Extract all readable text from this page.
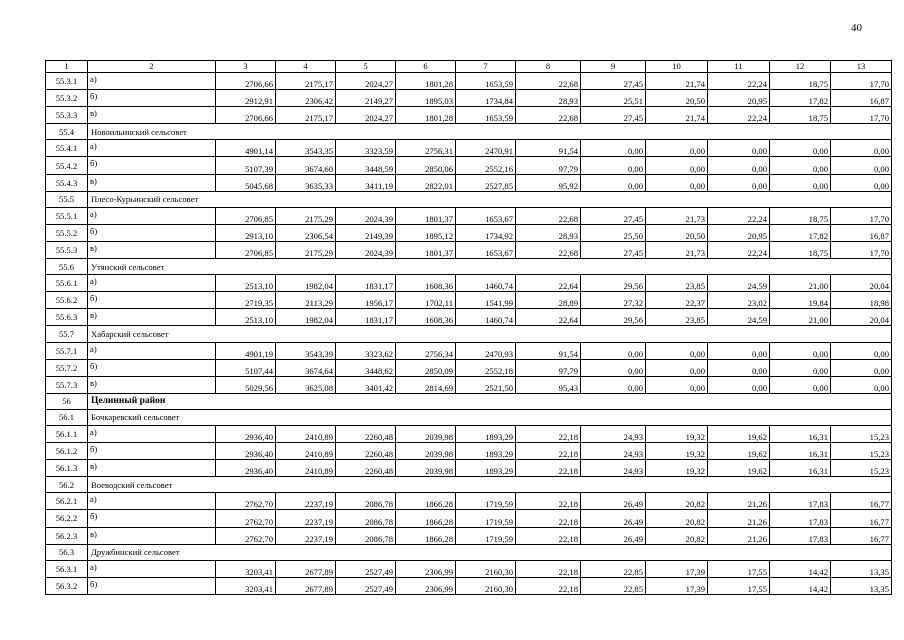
40
1	2	3	4	5	6	7	8	9	10	11	12	13
55.3.1	а)	2706,66	2175,17	2024,27	1801,28	1653,59	22,68	27,45	21,74	22,24	18,75	17,70
55.3.2	б)	2912,91	2306,42	2149,27	1895,03	1734,84	28,93	25,51	20,50	20,95	17,82	16,87
55.3.3	в)	2706,66	2175,17	2024,27	1801,28	1653,59	22,68	27,45	21,74	22,24	18,75	17,70
55.4	Новоильинский сельсовет											
55.4.1	а)	4901,14	3543,35	3323,59	2756,31	2470,91	91,54	0,00	0,00	0,00	0,00	0,00
55.4.2	б)	5107,39	3674,60	3448,59	2850,06	2552,16	97,79	0,00	0,00	0,00	0,00	0,00
55.4.3	в)	5045,68	3635,33	3411,19	2822,01	2527,85	95,92	0,00	0,00	0,00	0,00	0,00
55.5	Плесо-Курьинский сельсовет											
55.5.1	а)	2706,85	2175,29	2024,39	1801,37	1653,67	22,68	27,45	21,73	22,24	18,75	17,70
55.5.2	б)	2913,10	2306,54	2149,39	1895,12	1734,92	28,93	25,50	20,50	20,95	17,82	16,87
55.5.3	в)	2706,85	2175,29	2024,39	1801,37	1653,67	22,68	27,45	21,73	22,24	18,75	17,70
55.6	Утянский сельсовет											
55.6.1	а)	2513,10	1982,04	1831,17	1608,36	1460,74	22,64	29,56	23,85	24,59	21,00	20,04
55.6.2	б)	2719,35	2113,29	1956,17	1702,11	1541,99	28,89	27,32	22,37	23,02	19,84	18,98
55.6.3	в)	2513,10	1982,04	1831,17	1608,36	1460,74	22,64	29,56	23,85	24,59	21,00	20,04
55.7	Хабарский сельсовет											
55.7.1	а)	4901,19	3543,39	3323,62	2756,34	2470,93	91,54	0,00	0,00	0,00	0,00	0,00
55.7.2	б)	5107,44	3674,64	3448,62	2850,09	2552,18	97,79	0,00	0,00	0,00	0,00	0,00
55.7.3	в)	5029,56	3625,08	3401,42	2814,69	2521,50	95,43	0,00	0,00	0,00	0,00	0,00
56	Целинный район											
56.1	Бочкаревский сельсовет											
56.1.1	а)	2936,40	2410,89	2260,48	2039,98	1893,29	22,18	24,93	19,32	19,62	16,31	15,23
56.1.2	б)	2936,40	2410,89	2260,48	2039,98	1893,29	22,18	24,93	19,32	19,62	16,31	15,23
56.1.3	в)	2936,40	2410,89	2260,48	2039,98	1893,29	22,18	24,93	19,32	19,62	16,31	15,23
56.2	Воеводский сельсовет											
56.2.1	а)	2762,70	2237,19	2086,78	1866,28	1719,59	22,18	26,49	20,82	21,26	17,83	16,77
56.2.2	б)	2762,70	2237,19	2086,78	1866,28	1719,59	22,18	26,49	20,82	21,26	17,83	16,77
56.2.3	в)	2762,70	2237,19	2086,78	1866,28	1719,59	22,18	26,49	20,82	21,26	17,83	16,77
56.3	Дружбинский сельсовет											
56.3.1	а)	3203,41	2677,89	2527,49	2306,99	2160,30	22,18	22,85	17,39	17,55	14,42	13,35
56.3.2	б)	3203,41	2677,89	2527,49	2306,99	2160,30	22,18	22,85	17,39	17,55	14,42	13,35
